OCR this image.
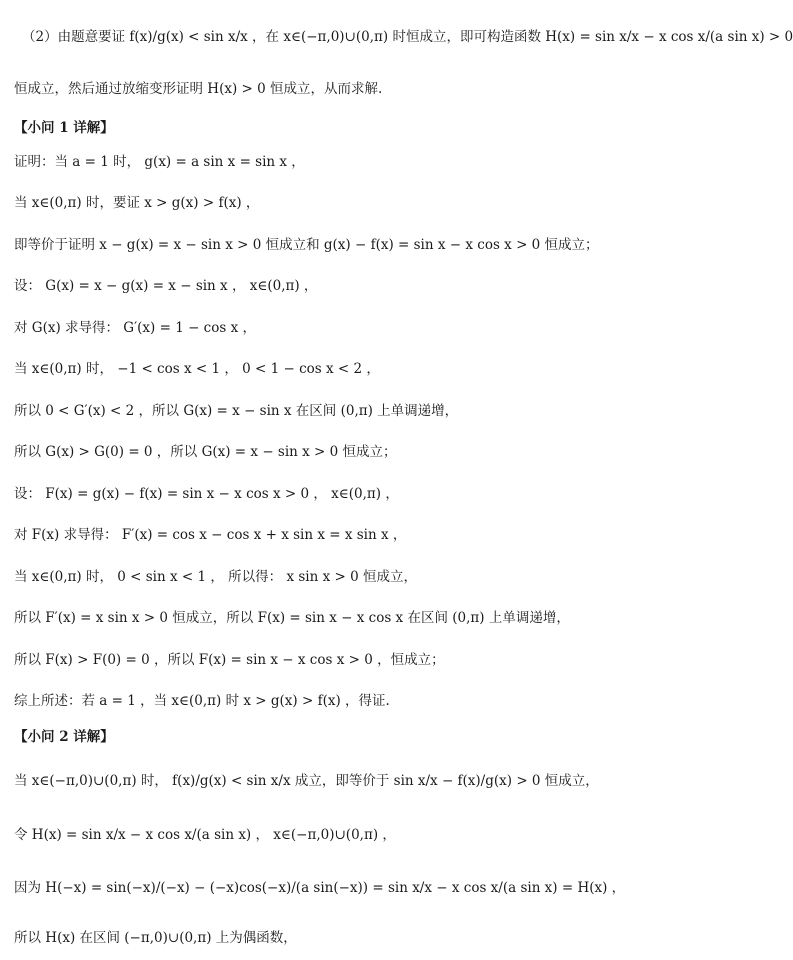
（2）由题意要证 f(x)/g(x) < sin x/x ，在 x∈(−π,0)∪(0,π) 时恒成立，即可构造函数 H(x) = sin x/x − x cos x/(a sin x) > 0
恒成立，然后通过放缩变形证明 H(x) > 0 恒成立，从而求解.
【小问 1 详解】
证明：当 a = 1 时， g(x) = a sin x = sin x ，
当 x∈(0,π) 时，要证 x > g(x) > f(x) ，
即等价于证明 x − g(x) = x − sin x > 0 恒成立和 g(x) − f(x) = sin x − x cos x > 0 恒成立；
设： G(x) = x − g(x) = x − sin x ， x∈(0,π) ，
对 G(x) 求导得： G′(x) = 1 − cos x ，
当 x∈(0,π) 时， −1 < cos x < 1 ， 0 < 1 − cos x < 2 ，
所以 0 < G′(x) < 2 ，所以 G(x) = x − sin x 在区间 (0,π) 上单调递增，
所以 G(x) > G(0) = 0 ，所以 G(x) = x − sin x > 0 恒成立；
设： F(x) = g(x) − f(x) = sin x − x cos x > 0 ， x∈(0,π) ，
对 F(x) 求导得： F′(x) = cos x − cos x + x sin x = x sin x ，
当 x∈(0,π) 时， 0 < sin x < 1 ， 所以得： x sin x > 0 恒成立，
所以 F′(x) = x sin x > 0 恒成立，所以 F(x) = sin x − x cos x 在区间 (0,π) 上单调递增，
所以 F(x) > F(0) = 0 ，所以 F(x) = sin x − x cos x > 0 ，恒成立；
综上所述：若 a = 1 ，当 x∈(0,π) 时 x > g(x) > f(x) ，得证.
【小问 2 详解】
当 x∈(−π,0)∪(0,π) 时， f(x)/g(x) < sin x/x 成立，即等价于 sin x/x − f(x)/g(x) > 0 恒成立，
令 H(x) = sin x/x − x cos x/(a sin x) ， x∈(−π,0)∪(0,π) ，
因为 H(−x) = sin(−x)/(−x) − (−x)cos(−x)/(a sin(−x)) = sin x/x − x cos x/(a sin x) = H(x) ，
所以 H(x) 在区间 (−π,0)∪(0,π) 上为偶函数，
